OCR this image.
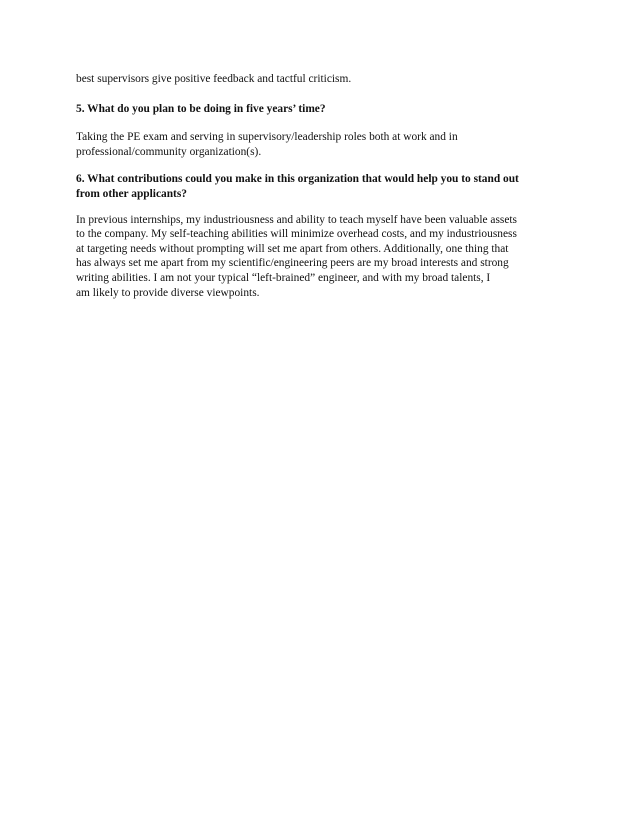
best supervisors give positive feedback and tactful criticism.

5. What do you plan to be doing in five years’ time?

Taking the PE exam and serving in supervisory/leadership roles both at work and in
professional/community organization(s).

6. What contributions could you make in this organization that would help you to stand out
from other applicants?

In previous internships, my industriousness and ability to teach myself have been valuable assets
to the company. My self-teaching abilities will minimize overhead costs, and my industriousness
at targeting needs without prompting will set me apart from others. Additionally, one thing that
has always set me apart from my scientific/engineering peers are my broad interests and strong
writing abilities. I am not your typical “left-brained” engineer, and with my broad talents, I
am likely to provide diverse viewpoints.
